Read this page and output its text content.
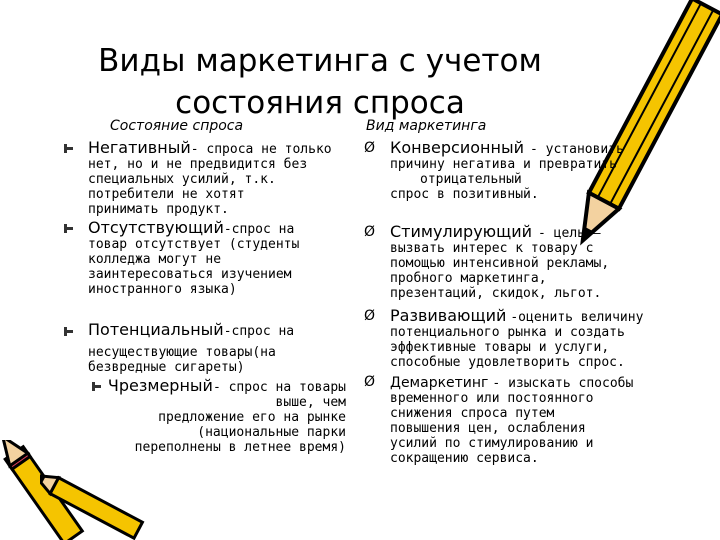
Виды маркетинга с учетом
состояния спроса
Состояние спроса	Вид маркетинга
Негативный- спроса не только
нет, но и не предвидится без
специальных усилий, т.к.
потребители не хотят
принимать продукт.
Отсутствующий-спрос на
товар отсутствует (студенты
колледжа могут не
заинтересоваться изучением
иностранного языка)
Потенциальный-спрос на
несуществующие товары(на
безвредные сигареты)
Чрезмерный- спрос на товары
выше, чем
предложение его на рынке
(национальные парки
переполнены в летнее время)
Ø Конверсионный - установить
причину негатива и превратить
отрицательный
спрос в позитивный.
Ø Стимулирующий - цель –
вызвать интерес к товару с
помощью интенсивной рекламы,
пробного маркетинга,
презентаций, скидок, льгот.
Ø Развивающий -оценить величину
потенциального рынка и создать
эффективные товары и услуги,
способные удовлетворить спрос.
Ø Демаркетинг - изыскать способы
временного или постоянного
снижения спроса путем
повышения цен, ослабления
усилий по стимулированию и
сокращению сервиса.
